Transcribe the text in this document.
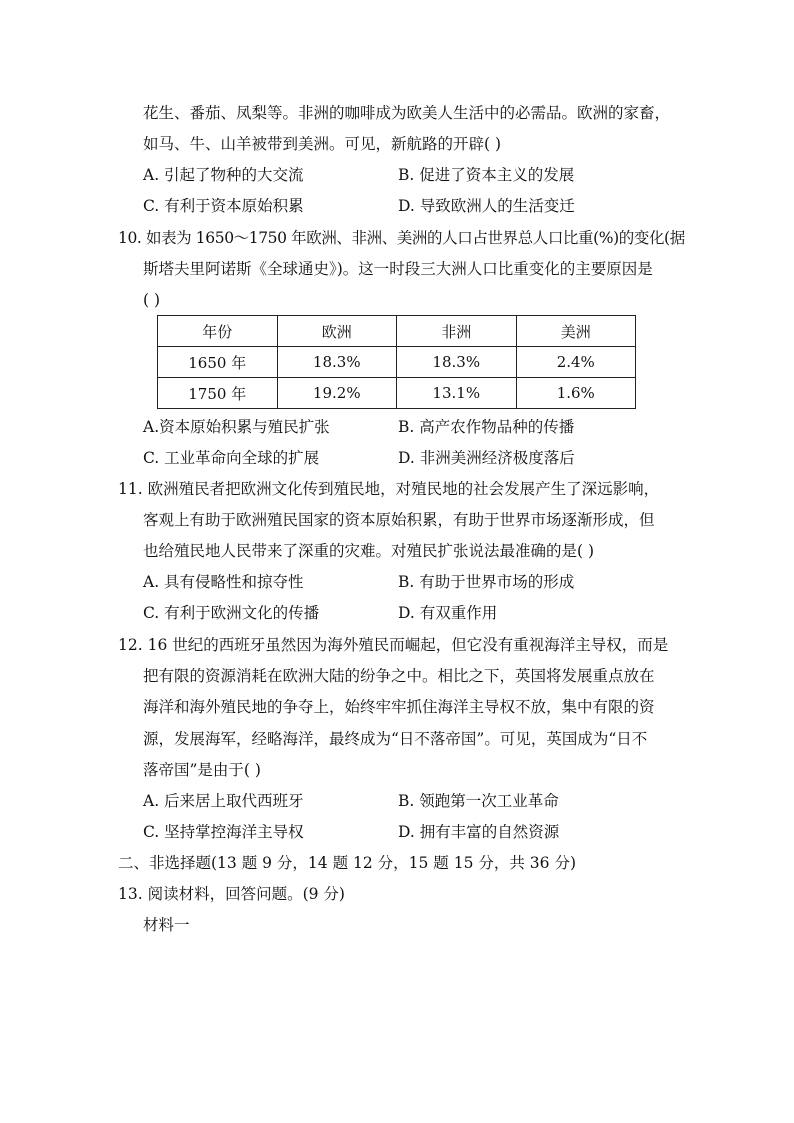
花生、番茄、凤梨等。非洲的咖啡成为欧美人生活中的必需品。欧洲的家畜，
如马、牛、山羊被带到美洲。可见，新航路的开辟( )
A. 引起了物种的大交流	B. 促进了资本主义的发展
C. 有利于资本原始积累	D. 导致欧洲人的生活变迁
10. 如表为 1650～1750 年欧洲、非洲、美洲的人口占世界总人口比重(%)的变化(据
斯塔夫里阿诺斯《全球通史》)。这一时段三大洲人口比重变化的主要原因是
( )
年份	欧洲	非洲	美洲
1650 年	18.3%	18.3%	2.4%
1750 年	19.2%	13.1%	1.6%
A.资本原始积累与殖民扩张	B. 高产农作物品种的传播
C. 工业革命向全球的扩展	D. 非洲美洲经济极度落后
11. 欧洲殖民者把欧洲文化传到殖民地，对殖民地的社会发展产生了深远影响，
客观上有助于欧洲殖民国家的资本原始积累，有助于世界市场逐渐形成，但
也给殖民地人民带来了深重的灾难。对殖民扩张说法最准确的是( )
A. 具有侵略性和掠夺性	B. 有助于世界市场的形成
C. 有利于欧洲文化的传播	D. 有双重作用
12. 16 世纪的西班牙虽然因为海外殖民而崛起，但它没有重视海洋主导权，而是
把有限的资源消耗在欧洲大陆的纷争之中。相比之下，英国将发展重点放在
海洋和海外殖民地的争夺上，始终牢牢抓住海洋主导权不放，集中有限的资
源，发展海军，经略海洋，最终成为“日不落帝国”。可见，英国成为“日不
落帝国”是由于( )
A. 后来居上取代西班牙	B. 领跑第一次工业革命
C. 坚持掌控海洋主导权	D. 拥有丰富的自然资源
二、非选择题(13 题 9 分，14 题 12 分，15 题 15 分，共 36 分)
13. 阅读材料，回答问题。(9 分)
材料一
